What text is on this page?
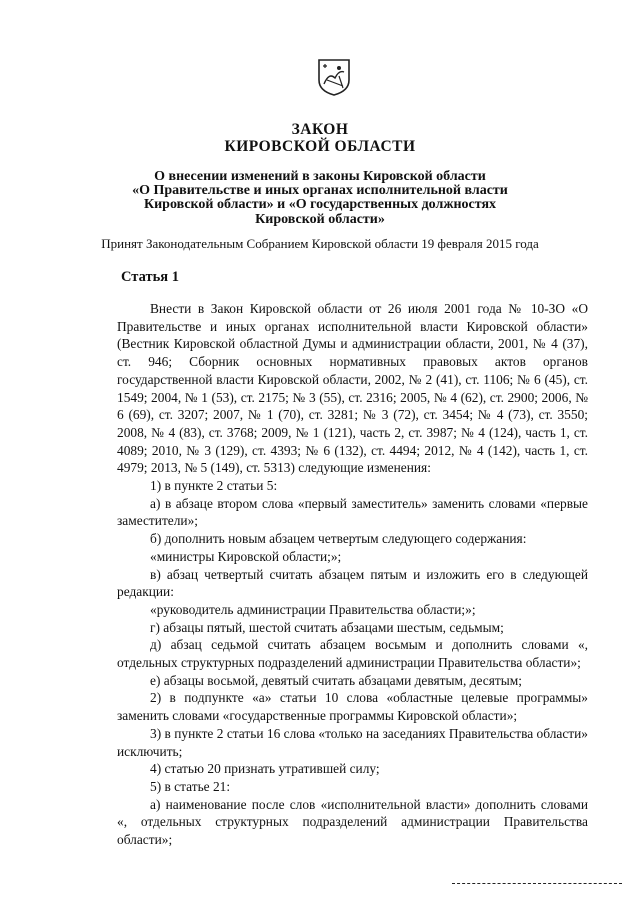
ЗАКОН
КИРОВСКОЙ ОБЛАСТИ
О внесении изменений в законы Кировской области
«О Правительстве и иных органах исполнительной власти
Кировской области» и «О государственных должностях
Кировской области»
Принят Законодательным Собранием Кировской области 19 февраля 2015 года
Статья 1

Внести в Закон Кировской области от 26 июля 2001 года № 10-ЗО «О Правительстве и иных органах исполнительной власти Кировской области» (Вестник Кировской областной Думы и администрации области, 2001, № 4 (37), ст. 946; Сборник основных нормативных правовых актов органов государственной власти Кировской области, 2002, № 2 (41), ст. 1106; № 6 (45), ст. 1549; 2004, № 1 (53), ст. 2175; № 3 (55), ст. 2316; 2005, № 4 (62), ст. 2900; 2006, № 6 (69), ст. 3207; 2007, № 1 (70), ст. 3281; № 3 (72), ст. 3454; № 4 (73), ст. 3550; 2008, № 4 (83), ст. 3768; 2009, № 1 (121), часть 2, ст. 3987; № 4 (124), часть 1, ст. 4089; 2010, № 3 (129), ст. 4393; № 6 (132), ст. 4494; 2012, № 4 (142), часть 1, ст. 4979; 2013, № 5 (149), ст. 5313) следующие изменения:

1) в пункте 2 статьи 5:

а) в абзаце втором слова «первый заместитель» заменить словами «первые заместители»;

б) дополнить новым абзацем четвертым следующего содержания:

«министры Кировской области;»;

в) абзац четвертый считать абзацем пятым и изложить его в следующей редакции:

«руководитель администрации Правительства области;»;

г) абзацы пятый, шестой считать абзацами шестым, седьмым;

д) абзац седьмой считать абзацем восьмым и дополнить словами «, отдельных структурных подразделений администрации Правительства области»;

е) абзацы восьмой, девятый считать абзацами девятым, десятым;

2) в подпункте «а» статьи 10 слова «областные целевые программы» заменить словами «государственные программы Кировской области»;

3) в пункте 2 статьи 16 слова «только на заседаниях Правительства области» исключить;

4) статью 20 признать утратившей силу;

5) в статье 21:

а) наименование после слов «исполнительной власти» дополнить словами «, отдельных структурных подразделений администрации Правительства области»;
